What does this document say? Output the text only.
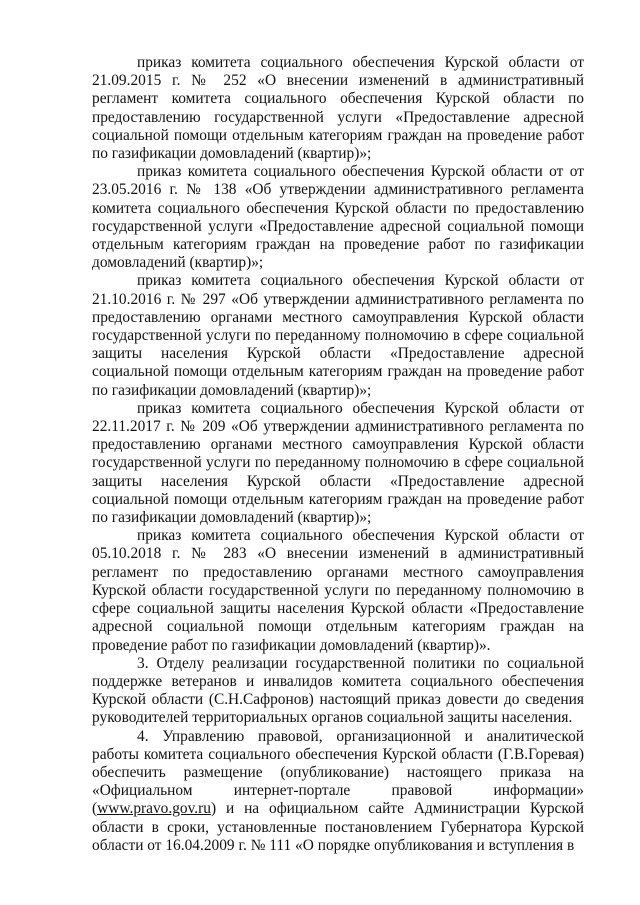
приказ комитета социального обеспечения Курской области от 21.09.2015 г. № 252 «О внесении изменений в административный регламент комитета социального обеспечения Курской области по предоставлению государственной услуги «Предоставление адресной социальной помощи отдельным категориям граждан на проведение работ по газификации домовладений (квартир)»;

приказ комитета социального обеспечения Курской области от от 23.05.2016 г. № 138 «Об утверждении административного регламента комитета социального обеспечения Курской области по предоставлению государственной услуги «Предоставление адресной социальной помощи отдельным категориям граждан на проведение работ по газификации домовладений (квартир)»;

приказ комитета социального обеспечения Курской области от 21.10.2016 г. № 297 «Об утверждении административного регламента по предоставлению органами местного самоуправления Курской области государственной услуги по переданному полномочию в сфере социальной защиты населения Курской области «Предоставление адресной социальной помощи отдельным категориям граждан на проведение работ по газификации домовладений (квартир)»;

приказ комитета социального обеспечения Курской области от 22.11.2017 г. № 209 «Об утверждении административного регламента по предоставлению органами местного самоуправления Курской области государственной услуги по переданному полномочию в сфере социальной защиты населения Курской области «Предоставление адресной социальной помощи отдельным категориям граждан на проведение работ по газификации домовладений (квартир)»;

приказ комитета социального обеспечения Курской области от 05.10.2018 г. № 283 «О внесении изменений в административный регламент по предоставлению органами местного самоуправления Курской области государственной услуги по переданному полномочию в сфере социальной защиты населения Курской области «Предоставление адресной социальной помощи отдельным категориям граждан на проведение работ по газификации домовладений (квартир)».

3. Отделу реализации государственной политики по социальной поддержке ветеранов и инвалидов комитета социального обеспечения Курской области (С.Н.Сафронов) настоящий приказ довести до сведения руководителей территориальных органов социальной защиты населения.

4. Управлению правовой, организационной и аналитической работы комитета социального обеспечения Курской области (Г.В.Горевая) обеспечить размещение (опубликование) настоящего приказа на «Официальном интернет-портале правовой информации» (www.pravo.gov.ru) и на официальном сайте Администрации Курской области в сроки, установленные постановлением Губернатора Курской области от 16.04.2009 г. № 111 «О порядке опубликования и вступления в
